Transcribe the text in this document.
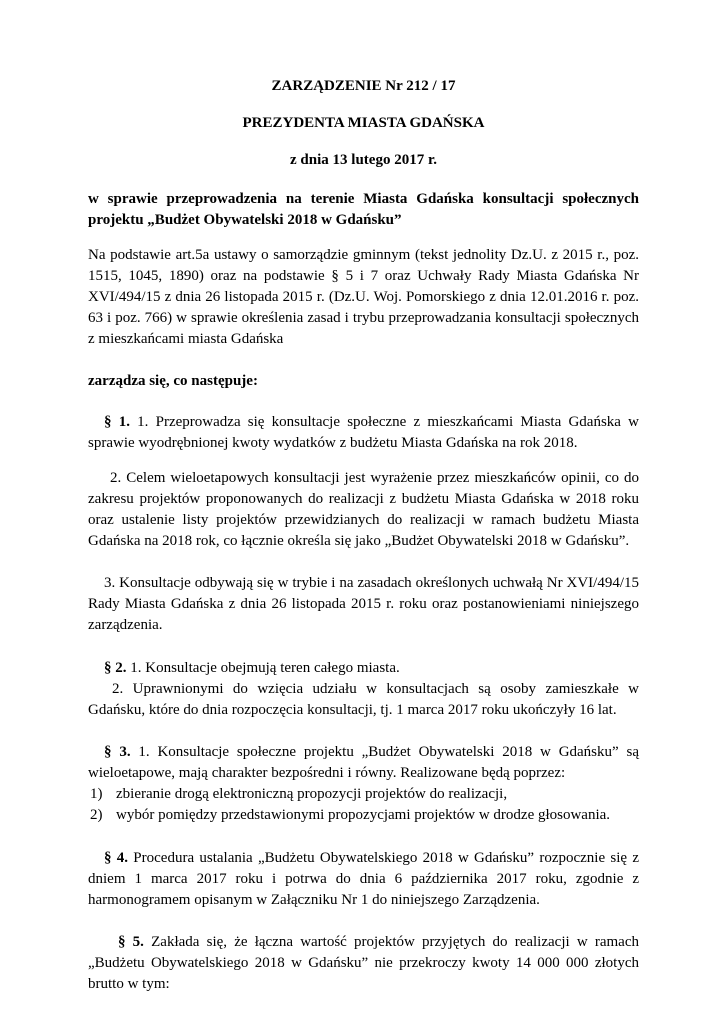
ZARZĄDZENIE Nr 212 / 17
PREZYDENTA MIASTA GDAŃSKA
z dnia 13 lutego 2017 r.

w sprawie przeprowadzenia na terenie Miasta Gdańska konsultacji społecznych projektu „Budżet Obywatelski 2018 w Gdańsku”

Na podstawie art.5a ustawy o samorządzie gminnym (tekst jednolity Dz.U. z 2015 r., poz. 1515, 1045, 1890) oraz na podstawie § 5 i 7 oraz Uchwały Rady Miasta Gdańska Nr XVI/494/15 z dnia 26 listopada 2015 r. (Dz.U. Woj. Pomorskiego z dnia 12.01.2016 r. poz. 63 i poz. 766) w sprawie określenia zasad i trybu przeprowadzania konsultacji społecznych z mieszkańcami miasta Gdańska

zarządza się, co następuje:

§ 1. 1. Przeprowadza się konsultacje społeczne z mieszkańcami Miasta Gdańska w sprawie wyodrębnionej kwoty wydatków z budżetu Miasta Gdańska na rok 2018.

2. Celem wieloetapowych konsultacji jest wyrażenie przez mieszkańców opinii, co do zakresu projektów proponowanych do realizacji z budżetu Miasta Gdańska w 2018 roku oraz ustalenie listy projektów przewidzianych do realizacji w ramach budżetu Miasta Gdańska na 2018 rok, co łącznie określa się jako „Budżet Obywatelski 2018 w Gdańsku”.

3. Konsultacje odbywają się w trybie i na zasadach określonych uchwałą Nr XVI/494/15 Rady Miasta Gdańska z dnia 26 listopada 2015 r. roku oraz postanowieniami niniejszego zarządzenia.

§ 2. 1. Konsultacje obejmują teren całego miasta.

2. Uprawnionymi do wzięcia udziału w konsultacjach są osoby zamieszkałe w Gdańsku, które do dnia rozpoczęcia konsultacji, tj. 1 marca 2017 roku ukończyły 16 lat.

§ 3. 1. Konsultacje społeczne projektu „Budżet Obywatelski 2018 w Gdańsku” są wieloetapowe, mają charakter bezpośredni i równy. Realizowane będą poprzez:

1) zbieranie drogą elektroniczną propozycji projektów do realizacji,
2) wybór pomiędzy przedstawionymi propozycjami projektów w drodze głosowania.

§ 4. Procedura ustalania „Budżetu Obywatelskiego 2018 w Gdańsku” rozpocznie się z dniem 1 marca 2017 roku i potrwa do dnia 6 października 2017 roku, zgodnie z harmonogramem opisanym w Załączniku Nr 1 do niniejszego Zarządzenia.

§ 5. Zakłada się, że łączna wartość projektów przyjętych do realizacji w ramach „Budżetu Obywatelskiego 2018 w Gdańsku” nie przekroczy kwoty 14 000 000 złotych brutto w tym:
